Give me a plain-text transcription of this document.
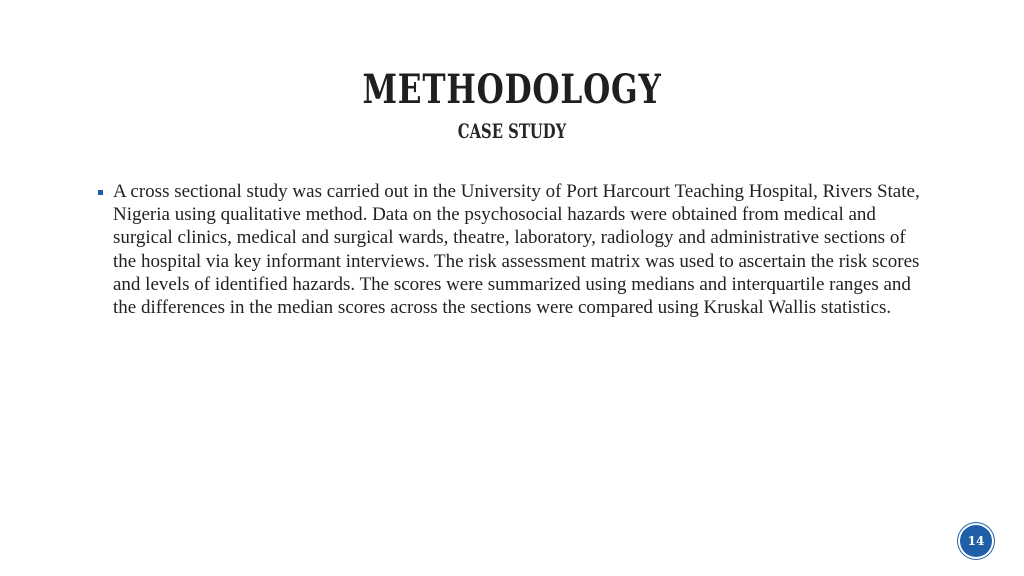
METHODOLOGY
CASE STUDY
A cross sectional study was carried out in the University of Port Harcourt Teaching Hospital, Rivers State, Nigeria using qualitative method. Data on the psychosocial hazards were obtained from medical and surgical clinics, medical and surgical wards, theatre, laboratory, radiology and administrative sections of the hospital via key informant interviews. The risk assessment matrix was used to ascertain the risk scores and levels of identified hazards. The scores were summarized using medians and interquartile ranges and the differences in the median scores across the sections were compared using Kruskal Wallis statistics.
14
